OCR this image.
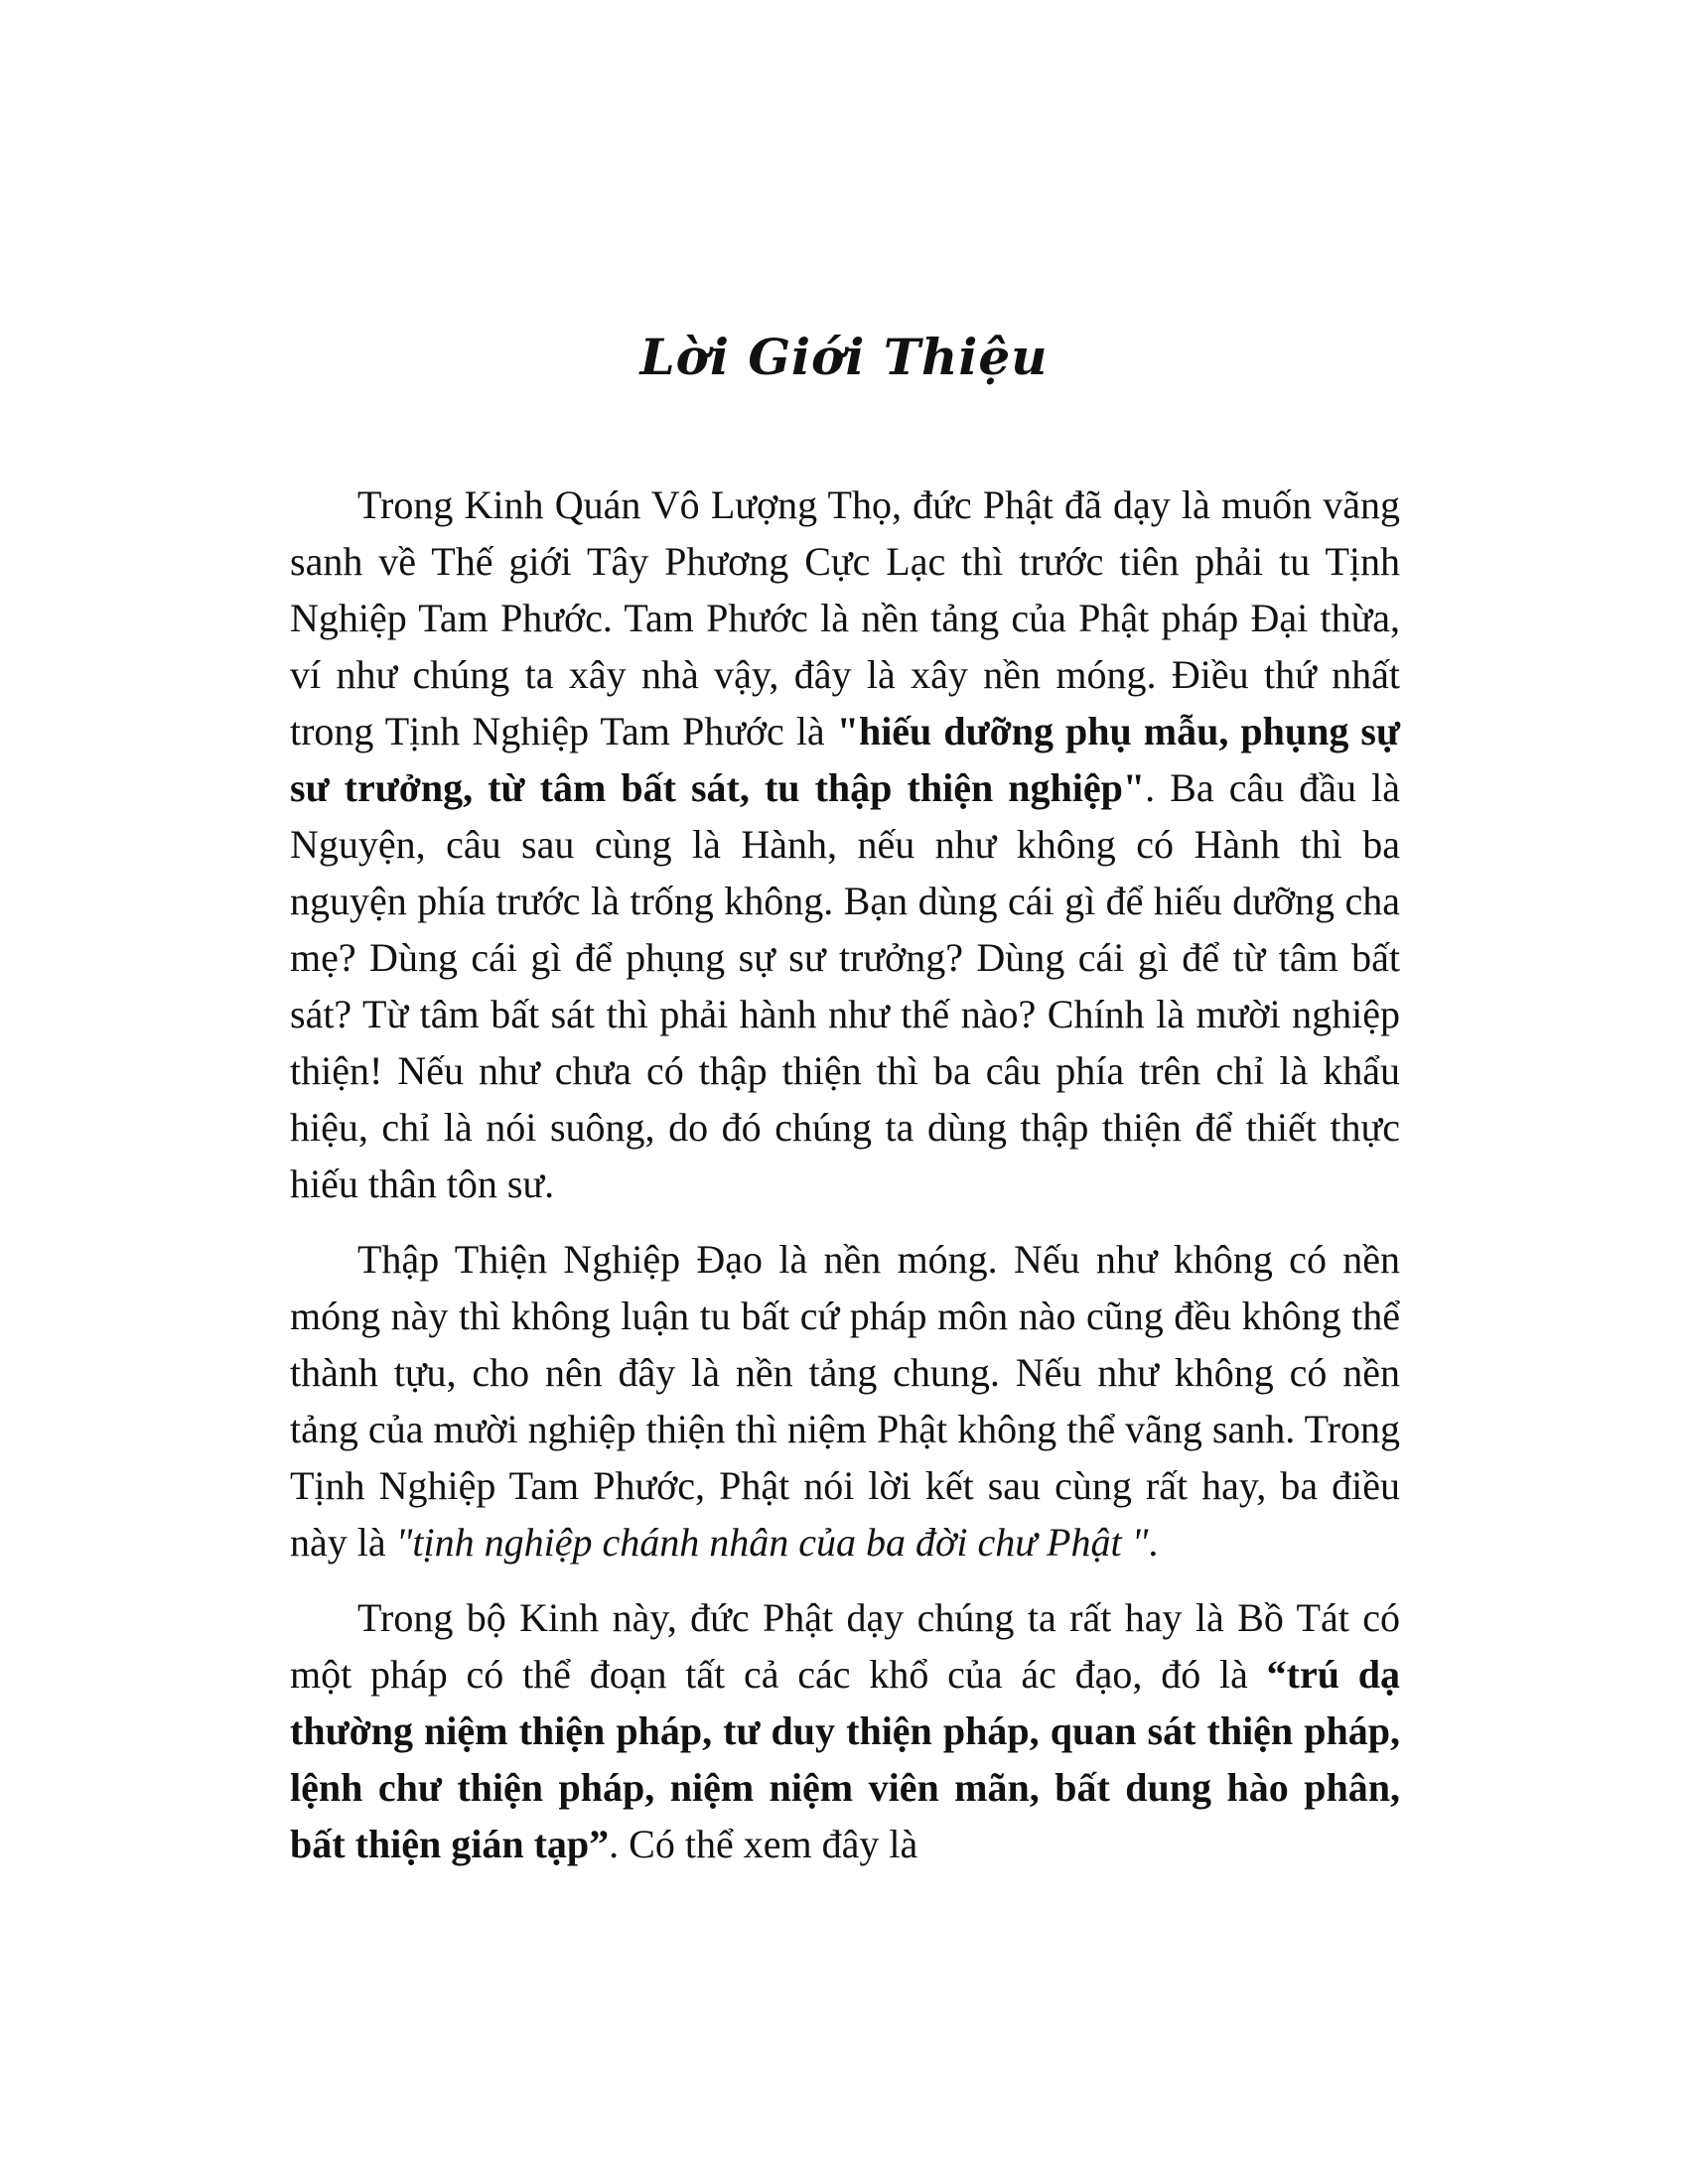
Lời Giới Thiệu

Trong Kinh Quán Vô Lượng Thọ, đức Phật đã dạy là muốn vãng sanh về Thế giới Tây Phương Cực Lạc thì trước tiên phải tu Tịnh Nghiệp Tam Phước. Tam Phước là nền tảng của Phật pháp Đại thừa, ví như chúng ta xây nhà vậy, đây là xây nền móng. Điều thứ nhất trong Tịnh Nghiệp Tam Phước là "hiếu dưỡng phụ mẫu, phụng sự sư trưởng, từ tâm bất sát, tu thập thiện nghiệp". Ba câu đầu là Nguyện, câu sau cùng là Hành, nếu như không có Hành thì ba nguyện phía trước là trống không. Bạn dùng cái gì để hiếu dưỡng cha mẹ? Dùng cái gì để phụng sự sư trưởng? Dùng cái gì để từ tâm bất sát? Từ tâm bất sát thì phải hành như thế nào? Chính là mười nghiệp thiện! Nếu như chưa có thập thiện thì ba câu phía trên chỉ là khẩu hiệu, chỉ là nói suông, do đó chúng ta dùng thập thiện để thiết thực hiếu thân tôn sư.

Thập Thiện Nghiệp Đạo là nền móng. Nếu như không có nền móng này thì không luận tu bất cứ pháp môn nào cũng đều không thể thành tựu, cho nên đây là nền tảng chung. Nếu như không có nền tảng của mười nghiệp thiện thì niệm Phật không thể vãng sanh. Trong Tịnh Nghiệp Tam Phước, Phật nói lời kết sau cùng rất hay, ba điều này là "tịnh nghiệp chánh nhân của ba đời chư Phật ".

Trong bộ Kinh này, đức Phật dạy chúng ta rất hay là Bồ Tát có một pháp có thể đoạn tất cả các khổ của ác đạo, đó là “trú dạ thường niệm thiện pháp, tư duy thiện pháp, quan sát thiện pháp, lệnh chư thiện pháp, niệm niệm viên mãn, bất dung hào phân, bất thiện gián tạp”. Có thể xem đây là
